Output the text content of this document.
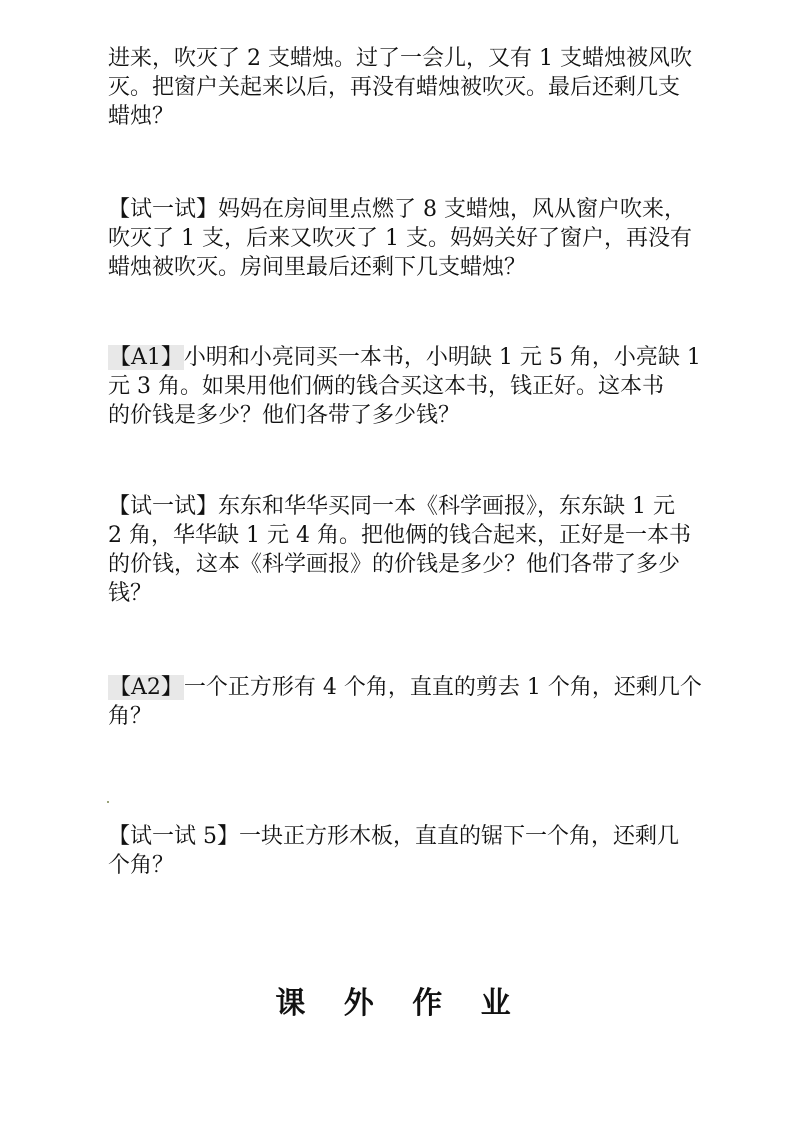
进来，吹灭了 2 支蜡烛。过了一会儿，又有 1 支蜡烛被风吹
灭。把窗户关起来以后，再没有蜡烛被吹灭。最后还剩几支
蜡烛？

【试一试】妈妈在房间里点燃了 8 支蜡烛，风从窗户吹来，
吹灭了 1 支，后来又吹灭了 1 支。妈妈关好了窗户，再没有
蜡烛被吹灭。房间里最后还剩下几支蜡烛？

【A1】小明和小亮同买一本书，小明缺 1 元 5 角，小亮缺 1
元 3 角。如果用他们俩的钱合买这本书，钱正好。这本书
的价钱是多少？他们各带了多少钱？

【试一试】东东和华华买同一本《科学画报》，东东缺 1 元
2 角，华华缺 1 元 4 角。把他俩的钱合起来，正好是一本书
的价钱，这本《科学画报》的价钱是多少？他们各带了多少
钱？

【A2】一个正方形有 4 个角，直直的剪去 1 个角，还剩几个
角？

【试一试 5】一块正方形木板，直直的锯下一个角，还剩几
个角？

课 外 作 业
